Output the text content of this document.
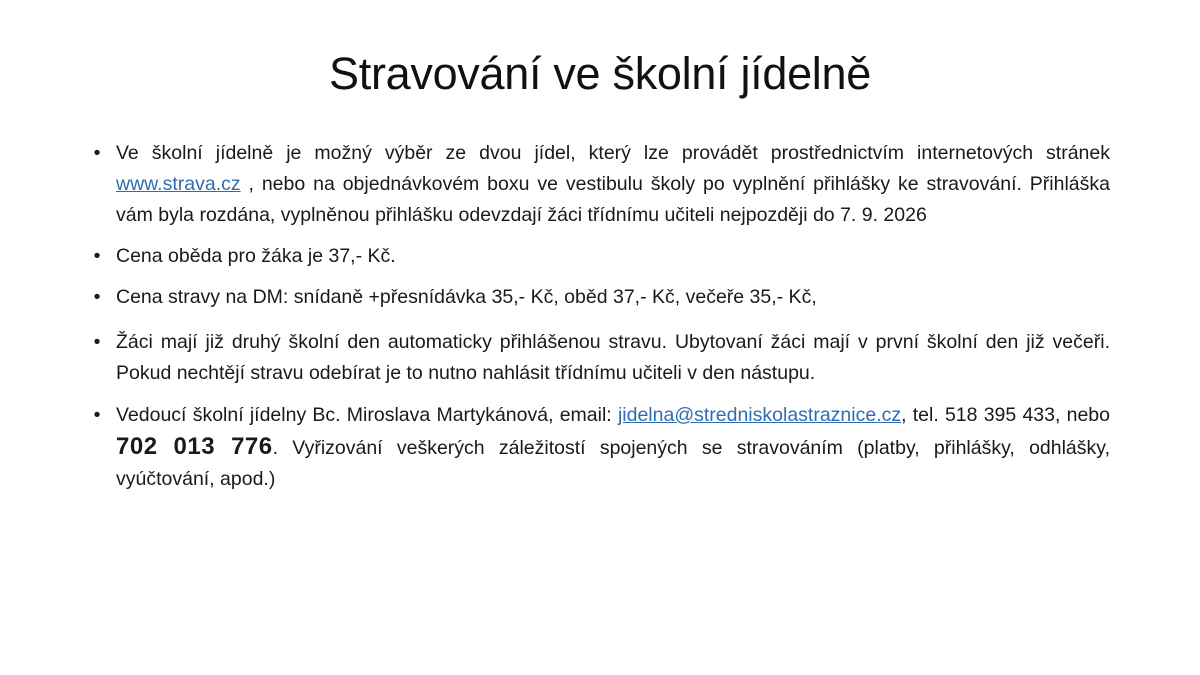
Stravování ve školní jídelně
• Ve školní jídelně je možný výběr ze dvou jídel, který lze provádět prostřednictvím internetových stránek www.strava.cz , nebo na objednávkovém boxu ve vestibulu školy po vyplnění přihlášky ke stravování. Přihláška vám byla rozdána, vyplněnou přihlášku odevzdají žáci třídnímu učiteli nejpozději do 7. 9. 2026
• Cena oběda pro žáka je 37,- Kč.
• Cena stravy na DM: snídaně +přesnídávka 35,- Kč, oběd 37,- Kč, večeře 35,- Kč,
• Žáci mají již druhý školní den automaticky přihlášenou stravu. Ubytovaní žáci mají v první školní den již večeři. Pokud nechtějí stravu odebírat je to nutno nahlásit třídnímu učiteli v den nástupu.
• Vedoucí školní jídelny Bc. Miroslava Martykánová, email: jidelna@stredniskolastraznice.cz, tel. 518 395 433, nebo 702 013 776. Vyřizování veškerých záležitostí spojených se stravováním (platby, přihlášky, odhlášky, vyúčtování, apod.)
